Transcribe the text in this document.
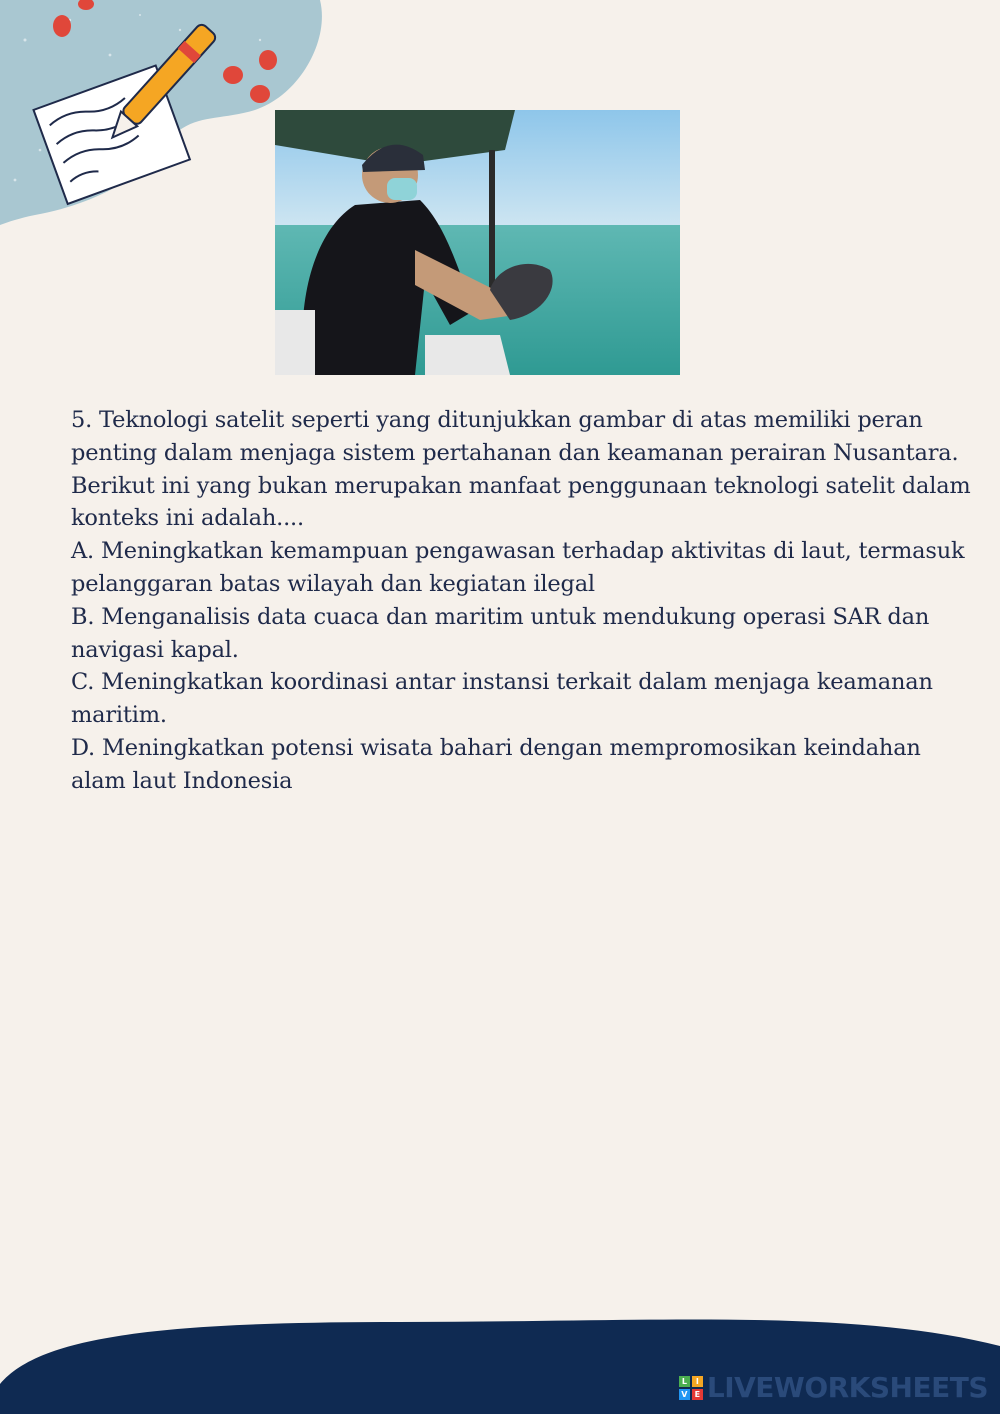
5. Teknologi satelit seperti yang ditunjukkan gambar di atas memiliki peran penting dalam menjaga sistem pertahanan dan keamanan perairan Nusantara. Berikut ini yang bukan merupakan manfaat penggunaan teknologi satelit dalam konteks ini adalah....

A. Meningkatkan kemampuan pengawasan terhadap aktivitas di laut, termasuk pelanggaran batas wilayah dan kegiatan ilegal

B. Menganalisis data cuaca dan maritim untuk mendukung operasi SAR dan navigasi kapal.

C. Meningkatkan koordinasi antar instansi terkait dalam menjaga keamanan maritim.

D. Meningkatkan potensi wisata bahari dengan mempromosikan keindahan alam laut Indonesia

L	I
V E LIVEWORKSHEETS
